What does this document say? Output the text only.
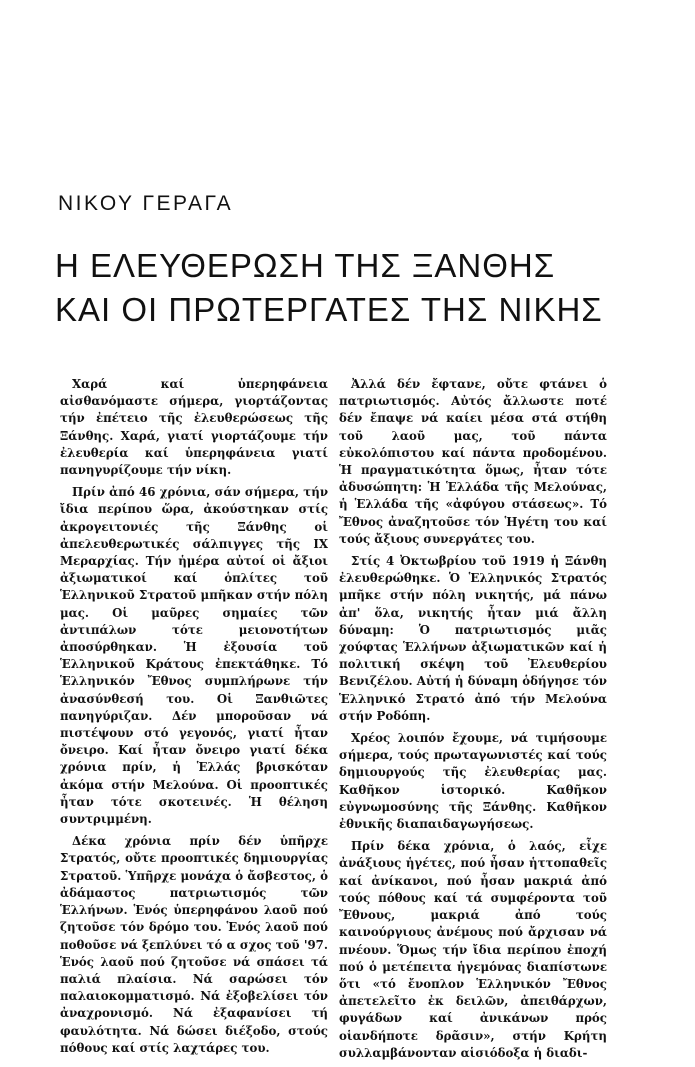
ΝΙΚΟΥ ΓΕΡΑΓΑ
Η ΕΛΕΥΘΕΡΩΣΗ ΤΗΣ ΞΑΝΘΗΣ
ΚΑΙ ΟΙ ΠΡΩΤΕΡΓΑΤΕΣ ΤΗΣ ΝΙΚΗΣ

Χαρά καί ὑπερηφάνεια αἰσθανόμαστε σήμερα, γιορτάζοντας τήν ἐπέτειο τῆς ἐλευθερώσεως τῆς Ξάνθης. Χαρά, γιατί γιορτάζουμε τήν ἐλευθερία καί ὑπερηφάνεια γιατί πανηγυρίζουμε τήν νίκη.

Πρίν ἀπό 46 χρόνια, σάν σήμερα, τήν ἴδια περίπου ὥρα, ἀκούστηκαν στίς ἀκρογειτονιές τῆς Ξάνθης οἱ ἀπελευθερωτικές σάλπιγγες τῆς ΙΧ Μεραρχίας. Τήν ἡμέρα αὐτοί οἱ ἄξιοι ἀξιωματικοί καί ὁπλίτες τοῦ Ἑλληνικοῦ Στρατοῦ μπῆκαν στήν πόλη μας. Οἱ μαῦρες σημαίες τῶν ἀντιπάλων τότε μειονοτήτων ἀποσύρθηκαν. Ἡ ἐξουσία τοῦ Ἑλληνικοῦ Κράτους ἐπεκτάθηκε. Τό Ἑλληνικόν Ἔθνος συμπλήρωνε τήν ἀνασύνθεσή του. Οἱ Ξανθιῶτες πανηγύριζαν. Δέν μποροῦσαν νά πιστέψουν στό γεγονός, γιατί ἦταν ὄνειρο. Καί ἦταν ὄνειρο γιατί δέκα χρόνια πρίν, ἡ Ἑλλάς βρισκόταν ἀκόμα στήν Μελούνα. Οἱ προοπτικές ἦταν τότε σκοτεινές. Ἡ θέληση συντριμμένη.

Δέκα χρόνια πρίν δέν ὑπῆρχε Στρατός, οὔτε προοπτικές δημιουργίας Στρατοῦ. Ὑπῆρχε μονάχα ὁ ἄσβεστος, ὁ ἀδάμαστος πατριωτισμός τῶν Ἑλλήνων. Ἑνός ὑπερηφάνου λαοῦ πού ζητοῦσε τόν δρόμο του. Ἑνός λαοῦ πού ποθοῦσε νά ξεπλύνει τό α σχος τοῦ '97. Ἑνός λαοῦ πού ζητοῦσε νά σπάσει τά παλιά πλαίσια. Νά σαρώσει τόν παλαιοκομματισμό. Νά ἐξοβελίσει τόν ἀναχρονισμό. Νά ἐξαφανίσει τή φαυλότητα. Νά δώσει διέξοδο, στούς πόθους καί στίς λαχτάρες του.

Ἀλλά δέν ἔφτανε, οὔτε φτάνει ὁ πατριωτισμός. Αὐτός ἄλλωστε ποτέ δέν ἔπαψε νά καίει μέσα στά στήθη τοῦ λαοῦ μας, τοῦ πάντα εὐκολόπιστου καί πάντα προδομένου. Ἡ πραγματικότητα ὅμως, ἦταν τότε ἀδυσώπητη: Ἡ Ἑλλάδα τῆς Μελούνας, ἡ Ἑλλάδα τῆς «ἀφύγου στάσεως». Τό Ἔθνος ἀναζητοῦσε τόν Ἡγέτη του καί τούς ἄξιους συνεργάτες του.

Στίς 4 Ὀκτωβρίου τοῦ 1919 ἡ Ξάνθη ἐλευθερώθηκε. Ὁ Ἑλληνικός Στρατός μπῆκε στήν πόλη νικητής, μά πάνω ἀπ' ὅλα, νικητής ἦταν μιά ἄλλη δύναμη: Ὁ πατριωτισμός μιᾶς χούφτας Ἑλλήνων ἀξιωματικῶν καί ἡ πολιτική σκέψη τοῦ Ἐλευθερίου Βενιζέλου. Αὐτή ἡ δύναμη ὁδήγησε τόν Ἑλληνικό Στρατό ἀπό τήν Μελούνα στήν Ροδόπη.

Χρέος λοιπόν ἔχουμε, νά τιμήσουμε σήμερα, τούς πρωταγωνιστές καί τούς δημιουργούς τῆς ἐλευθερίας μας. Καθῆκον ἱστορικό. Καθῆκον εὐγνωμοσύνης τῆς Ξάνθης. Καθῆκον ἐθνικῆς διαπαιδαγωγήσεως.

Πρίν δέκα χρόνια, ὁ λαός, εἶχε ἀνάξιους ἡγέτες, πού ἦσαν ἡττοπαθεῖς καί ἀνίκανοι, πού ἦσαν μακριά ἀπό τούς πόθους καί τά συμφέροντα τοῦ Ἔθνους, μακριά ἀπό τούς καινούργιους ἀνέμους πού ἄρχισαν νά πνέουν. Ὅμως τήν ἴδια περίπου ἐποχή πού ὁ μετέπειτα ἡγεμόνας διαπίστωνε ὅτι «τό ἔνοπλον Ἑλληνικόν Ἔθνος ἀπετελεῖτο ἐκ δειλῶν, ἀπειθάρχων, φυγάδων καί ἀνικάνων πρός οἱανδήποτε δρᾶσιν», στήν Κρήτη συλλαμβάνονταν αἱσιόδοξα ἡ διαδι-
